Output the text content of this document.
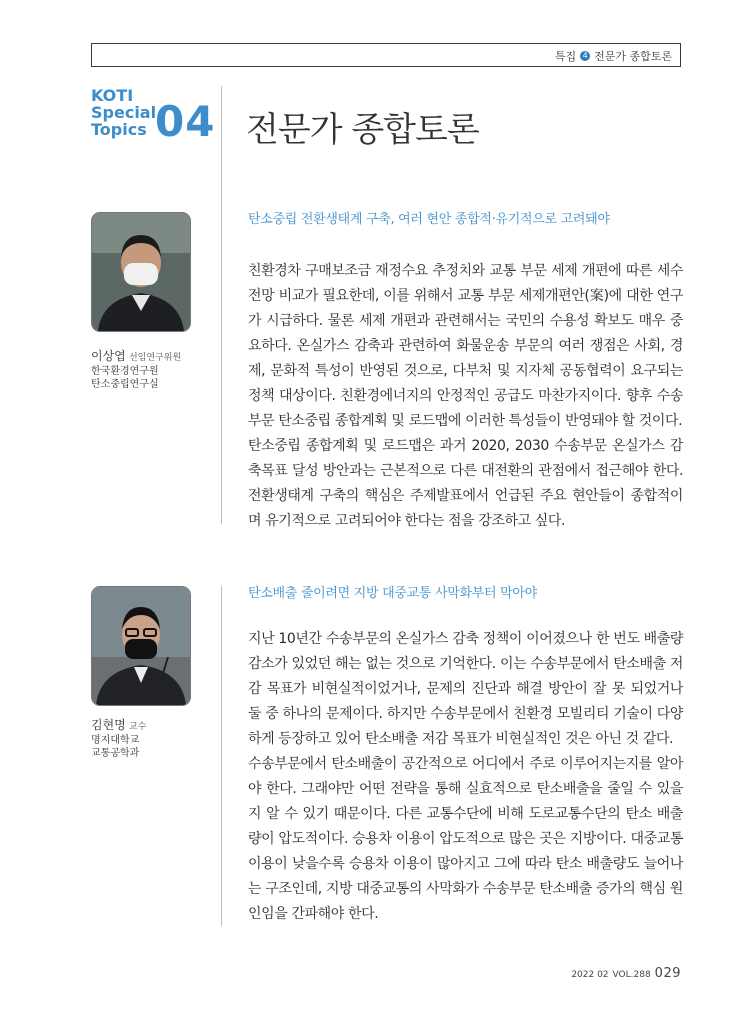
특집 4 전문가 종합토론
KOTI
Special
Topics 04 전문가 종합토론
이상엽 선임연구위원
한국환경연구원
탄소중립연구실
탄소중립 전환생태계 구축, 여러 현안 종합적·유기적으로 고려돼야

친환경차 구매보조금 재정수요 추정치와 교통 부문 세제 개편에 따른 세수 전망 비교가 필요한데, 이를 위해서 교통 부문 세제개편안(案)에 대한 연구가 시급하다. 물론 세제 개편과 관련해서는 국민의 수용성 확보도 매우 중요하다. 온실가스 감축과 관련하여 화물운송 부문의 여러 쟁점은 사회, 경제, 문화적 특성이 반영된 것으로, 다부처 및 지자체 공동협력이 요구되는 정책 대상이다. 친환경에너지의 안정적인 공급도 마찬가지이다. 향후 수송부문 탄소중립 종합계획 및 로드맵에 이러한 특성들이 반영돼야 할 것이다.

탄소중립 종합계획 및 로드맵은 과거 2020, 2030 수송부문 온실가스 감축목표 달성 방안과는 근본적으로 다른 대전환의 관점에서 접근해야 한다. 전환생태계 구축의 핵심은 주제발표에서 언급된 주요 현안들이 종합적이며 유기적으로 고려되어야 한다는 점을 강조하고 싶다.

김현명 교수
명지대학교
교통공학과
탄소배출 줄이려면 지방 대중교통 사막화부터 막아야

지난 10년간 수송부문의 온실가스 감축 정책이 이어졌으나 한 번도 배출량 감소가 있었던 해는 없는 것으로 기억한다. 이는 수송부문에서 탄소배출 저감 목표가 비현실적이었거나, 문제의 진단과 해결 방안이 잘 못 되었거나 둘 중 하나의 문제이다. 하지만 수송부문에서 친환경 모빌리티 기술이 다양하게 등장하고 있어 탄소배출 저감 목표가 비현실적인 것은 아닌 것 같다.

수송부문에서 탄소배출이 공간적으로 어디에서 주로 이루어지는지를 알아야 한다. 그래야만 어떤 전략을 통해 실효적으로 탄소배출을 줄일 수 있을지 알 수 있기 때문이다. 다른 교통수단에 비해 도로교통수단의 탄소 배출량이 압도적이다. 승용차 이용이 압도적으로 많은 곳은 지방이다. 대중교통 이용이 낮을수록 승용차 이용이 많아지고 그에 따라 탄소 배출량도 늘어나는 구조인데, 지방 대중교통의 사막화가 수송부문 탄소배출 증가의 핵심 원인임을 간파해야 한다.

2022 02 VOL.288 029
